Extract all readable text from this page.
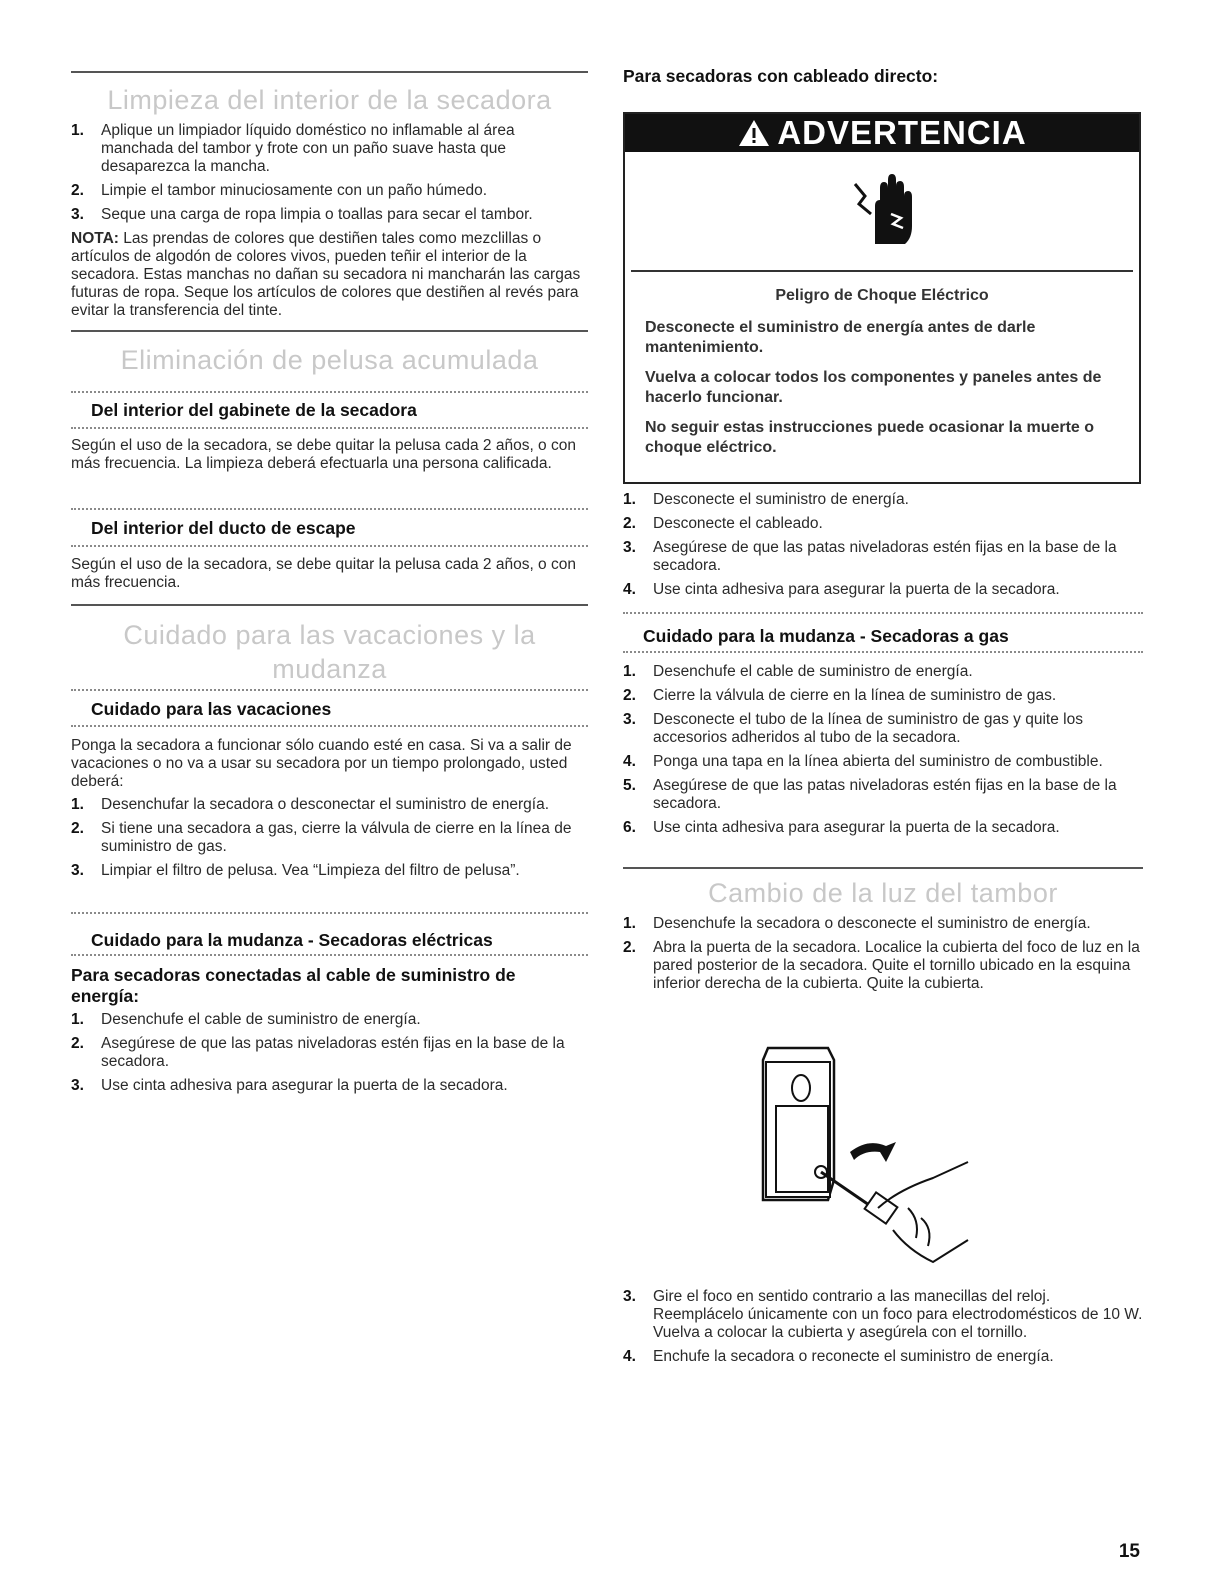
Limpieza del interior de la secadora
1. Aplique un limpiador líquido doméstico no inflamable al área manchada del tambor y frote con un paño suave hasta que desaparezca la mancha.
2. Limpie el tambor minuciosamente con un paño húmedo.
3. Seque una carga de ropa limpia o toallas para secar el tambor.

NOTA: Las prendas de colores que destiñen tales como mezclillas o artículos de algodón de colores vivos, pueden teñir el interior de la secadora. Estas manchas no dañan su secadora ni mancharán las cargas futuras de ropa. Seque los artículos de colores que destiñen al revés para evitar la transferencia del tinte.

Eliminación de pelusa acumulada
Del interior del gabinete de la secadora

Según el uso de la secadora, se debe quitar la pelusa cada 2 años, o con más frecuencia. La limpieza deberá efectuarla una persona calificada.

Del interior del ducto de escape

Según el uso de la secadora, se debe quitar la pelusa cada 2 años, o con más frecuencia.

Cuidado para las vacaciones y la mudanza
Cuidado para las vacaciones

Ponga la secadora a funcionar sólo cuando esté en casa. Si va a salir de vacaciones o no va a usar su secadora por un tiempo prolongado, usted deberá:

1. Desenchufar la secadora o desconectar el suministro de energía.
2. Si tiene una secadora a gas, cierre la válvula de cierre en la línea de suministro de gas.
3. Limpiar el filtro de pelusa. Vea “Limpieza del filtro de pelusa”.
Cuidado para la mudanza - Secadoras eléctricas
Para secadoras conectadas al cable de suministro de energía:
1. Desenchufe el cable de suministro de energía.
2. Asegúrese de que las patas niveladoras estén fijas en la base de la secadora.
3. Use cinta adhesiva para asegurar la puerta de la secadora.
Para secadoras con cableado directo:
ADVERTENCIA
Peligro de Choque Eléctrico
Desconecte el suministro de energía antes de darle mantenimiento.
Vuelva a colocar todos los componentes y paneles antes de hacerlo funcionar.
No seguir estas instrucciones puede ocasionar la muerte o choque eléctrico.
1. Desconecte el suministro de energía.
2. Desconecte el cableado.
3. Asegúrese de que las patas niveladoras estén fijas en la base de la secadora.
4. Use cinta adhesiva para asegurar la puerta de la secadora.
Cuidado para la mudanza - Secadoras a gas
1. Desenchufe el cable de suministro de energía.
2. Cierre la válvula de cierre en la línea de suministro de gas.
3. Desconecte el tubo de la línea de suministro de gas y quite los accesorios adheridos al tubo de la secadora.
4. Ponga una tapa en la línea abierta del suministro de combustible.
5. Asegúrese de que las patas niveladoras estén fijas en la base de la secadora.
6. Use cinta adhesiva para asegurar la puerta de la secadora.
Cambio de la luz del tambor
1. Desenchufe la secadora o desconecte el suministro de energía.
2. Abra la puerta de la secadora. Localice la cubierta del foco de luz en la pared posterior de la secadora. Quite el tornillo ubicado en la esquina inferior derecha de la cubierta. Quite la cubierta.
3. Gire el foco en sentido contrario a las manecillas del reloj. Reemplácelo únicamente con un foco para electrodomésticos de 10 W. Vuelva a colocar la cubierta y asegúrela con el tornillo.
4. Enchufe la secadora o reconecte el suministro de energía.
15
